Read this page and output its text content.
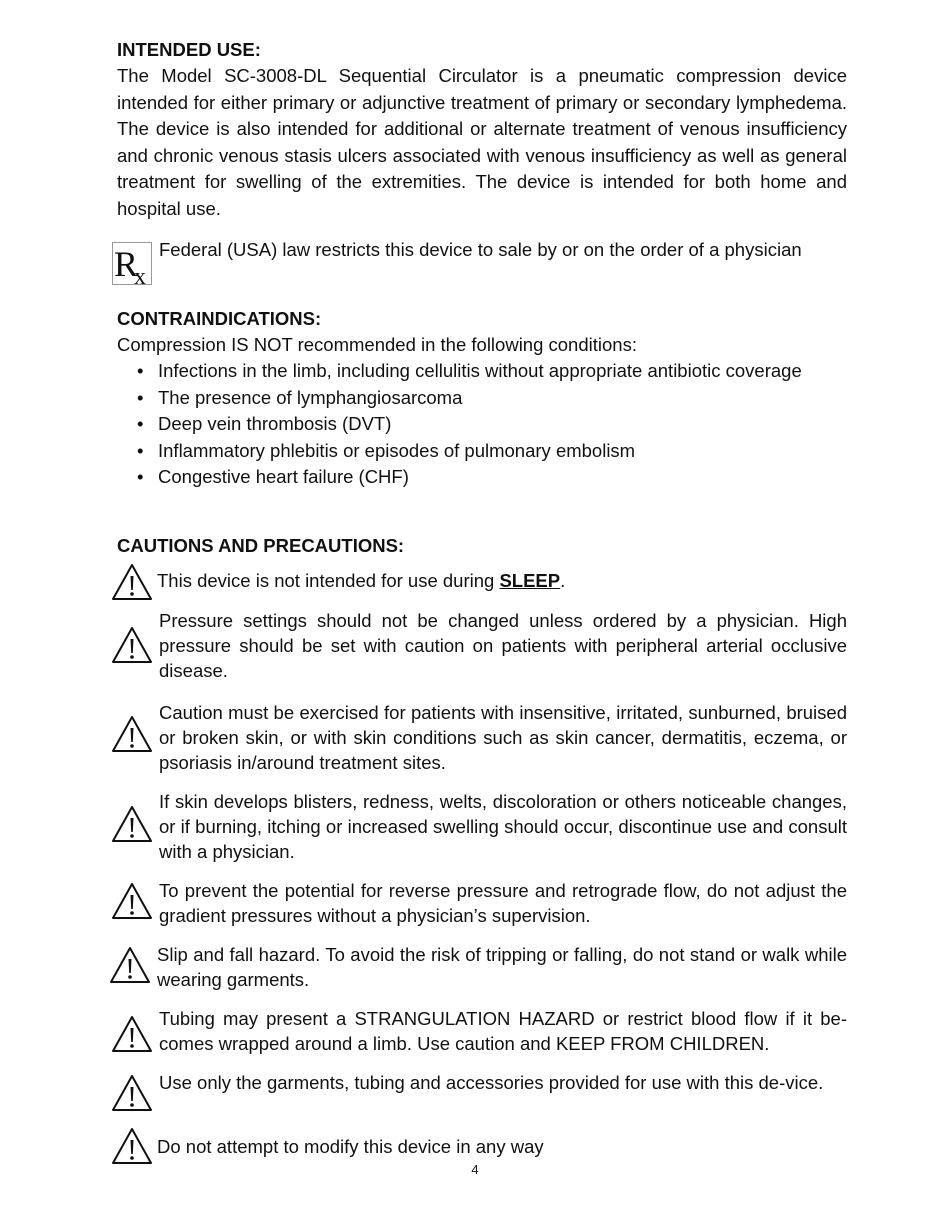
INTENDED USE:
The Model SC-3008-DL Sequential Circulator is a pneumatic compression device intended for either primary or adjunctive treatment of primary or secondary lymphedema. The device is also intended for additional or alternate treatment of venous insufficiency and chronic venous stasis ulcers associated with venous insufficiency as well as general treatment for swelling of the extremities. The device is intended for both home and hospital use.
$R_x$
Federal (USA) law restricts this device to sale by or on the order of a physician
CONTRAINDICATIONS:
Compression IS NOT recommended in the following conditions:
• Infections in the limb, including cellulitis without appropriate antibiotic coverage
• The presence of lymphangiosarcoma
• Deep vein thrombosis (DVT)
• Inflammatory phlebitis or episodes of pulmonary embolism
• Congestive heart failure (CHF)
CAUTIONS AND PRECAUTIONS:
This device is not intended for use during SLEEP.
Pressure settings should not be changed unless ordered by a physician. High pressure should be set with caution on patients with peripheral arterial occlusive disease.
Caution must be exercised for patients with insensitive, irritated, sunburned, bruised or broken skin, or with skin conditions such as skin cancer, dermatitis, eczema, or psoriasis in/around treatment sites.
If skin develops blisters, redness, welts, discoloration or others noticeable changes, or if burning, itching or increased swelling should occur, discontinue use and consult with a physician.
To prevent the potential for reverse pressure and retrograde flow, do not adjust the gradient pressures without a physician’s supervision.
Slip and fall hazard. To avoid the risk of tripping or falling, do not stand or walk while wearing garments.
Tubing may present a STRANGULATION HAZARD or restrict blood flow if it be-comes wrapped around a limb. Use caution and KEEP FROM CHILDREN.
Use only the garments, tubing and accessories provided for use with this de-vice.
Do not attempt to modify this device in any way
4
